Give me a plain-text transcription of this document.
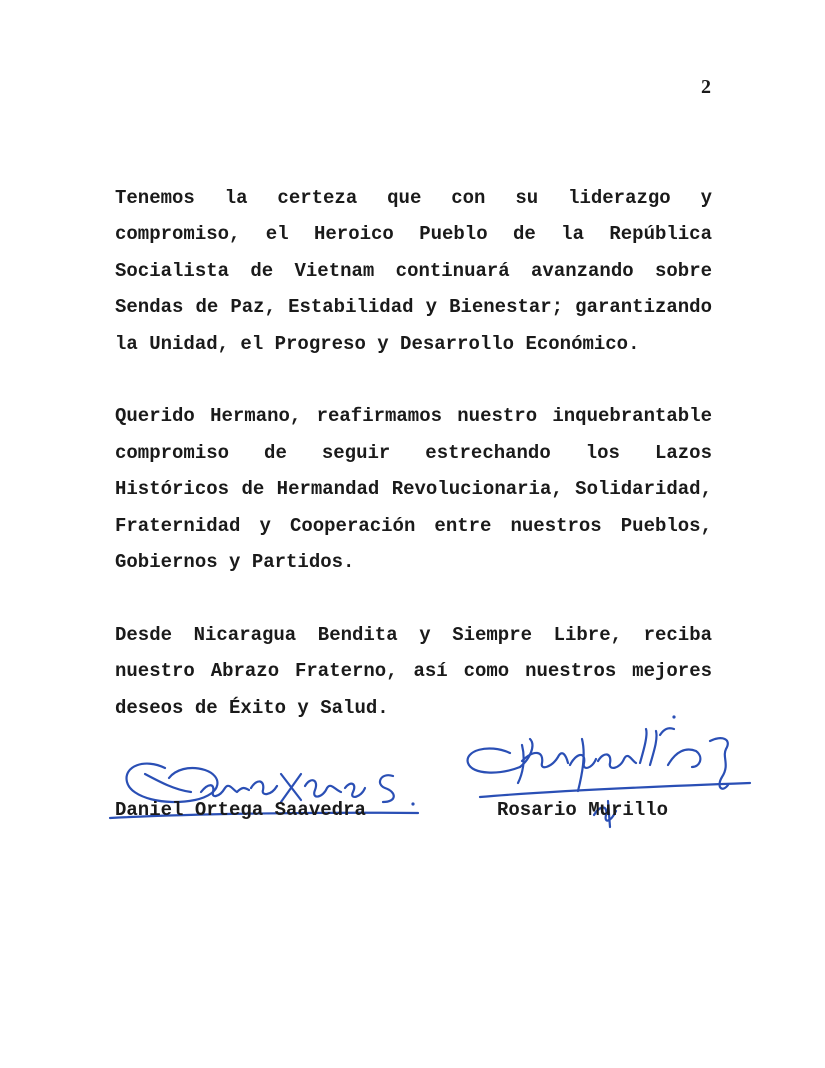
2

Tenemos la certeza que con su liderazgo y compromiso, el Heroico Pueblo de la República Socialista de Vietnam continuará avanzando sobre Sendas de Paz, Estabilidad y Bienestar; garantizando la Unidad, el Progreso y Desarrollo Económico.

Querido Hermano, reafirmamos nuestro inquebrantable compromiso de seguir estrechando los Lazos Históricos de Hermandad Revolucionaria, Solidaridad, Fraternidad y Cooperación entre nuestros Pueblos, Gobiernos y Partidos.

Desde Nicaragua Bendita y Siempre Libre, reciba nuestro Abrazo Fraterno, así como nuestros mejores deseos de Éxito y Salud.

Daniel Ortega Saavedra	Rosario Murillo
